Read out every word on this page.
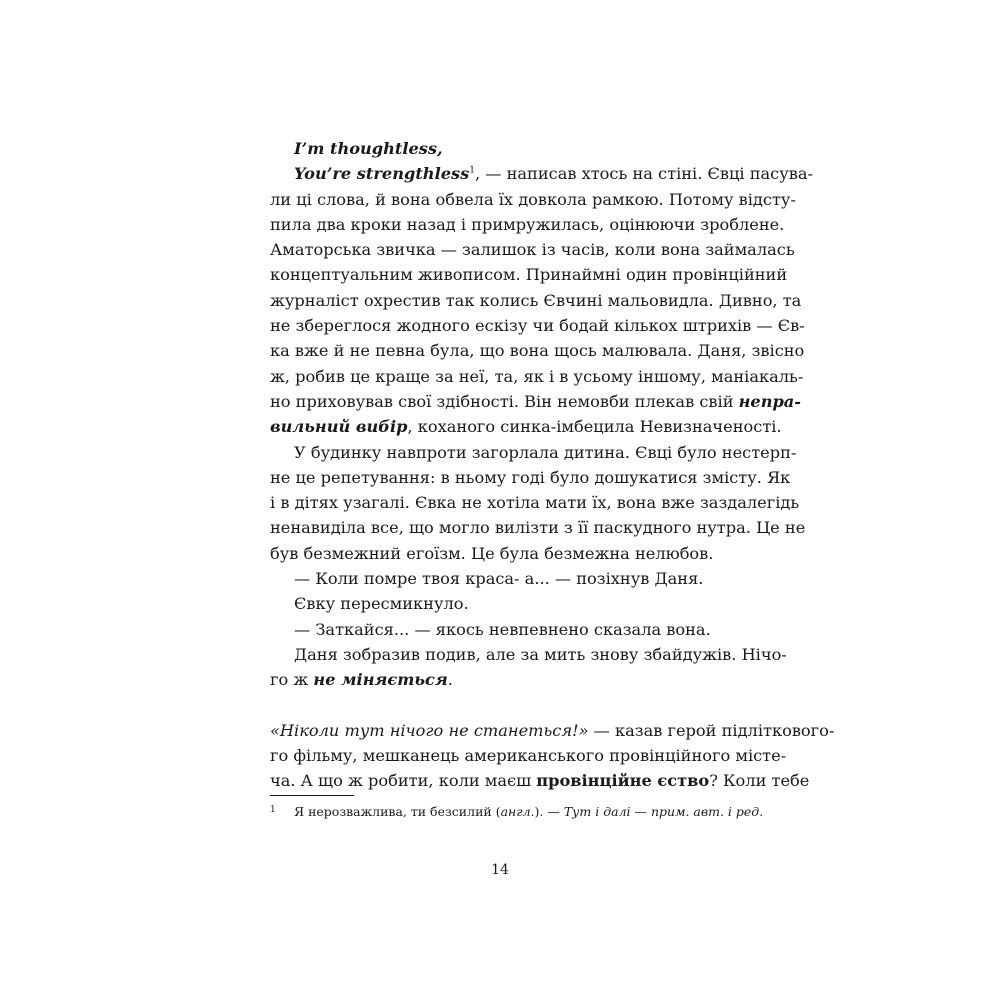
I’m thoughtless,

You’re strengthless$^1$, — написав хтось на стіні. Євці пасува-
ли ці слова, й вона обвела їх довкола рамкою. Потому відсту-
пила два кроки назад і примружилась, оцінюючи зроблене.
Аматорська звичка — залишок із часів, коли вона займалась
концептуальним живописом. Принаймні один провінційний
журналіст охрестив так колись Євчині мальовидла. Дивно, та
не збереглося жодного ескізу чи бодай кількох штрихів — Єв-
ка вже й не певна була, що вона щось малювала. Даня, звісно
ж, робив це краще за неї, та, як і в усьому іншому, маніакаль-
но приховував свої здібності. Він немовби плекав свій непра-
вильний вибір, коханого синка-імбецила Невизначеності.
У будинку навпроти загорлала дитина. Євці було нестерп-
не це репетування: в ньому годі було дошукатися змісту. Як
і в дітях узагалі. Євка не хотіла мати їх, вона вже заздалегідь
ненавиділа все, що могло вилізти з її паскудного нутра. Це не
був безмежний егоїзм. Це була безмежна нелюбов.
— Коли помре твоя краса- а... — позіхнув Даня.
Євку пересмикнуло.
— Заткайся... — якось невпевнено сказала вона.
Даня зобразив подив, але за мить знову збайдужів. Нічо-
го ж не міняється.
«Ніколи тут нічого не станеться!» — казав герой підліткового-
го фільму, мешканець американського провінційного місте-
ча. А що ж робити, коли маєш провінційне єство? Коли тебе
1 Я нерозважлива, ти безсилий (англ.). — Тут і далі — прим. авт. і ред.
14
